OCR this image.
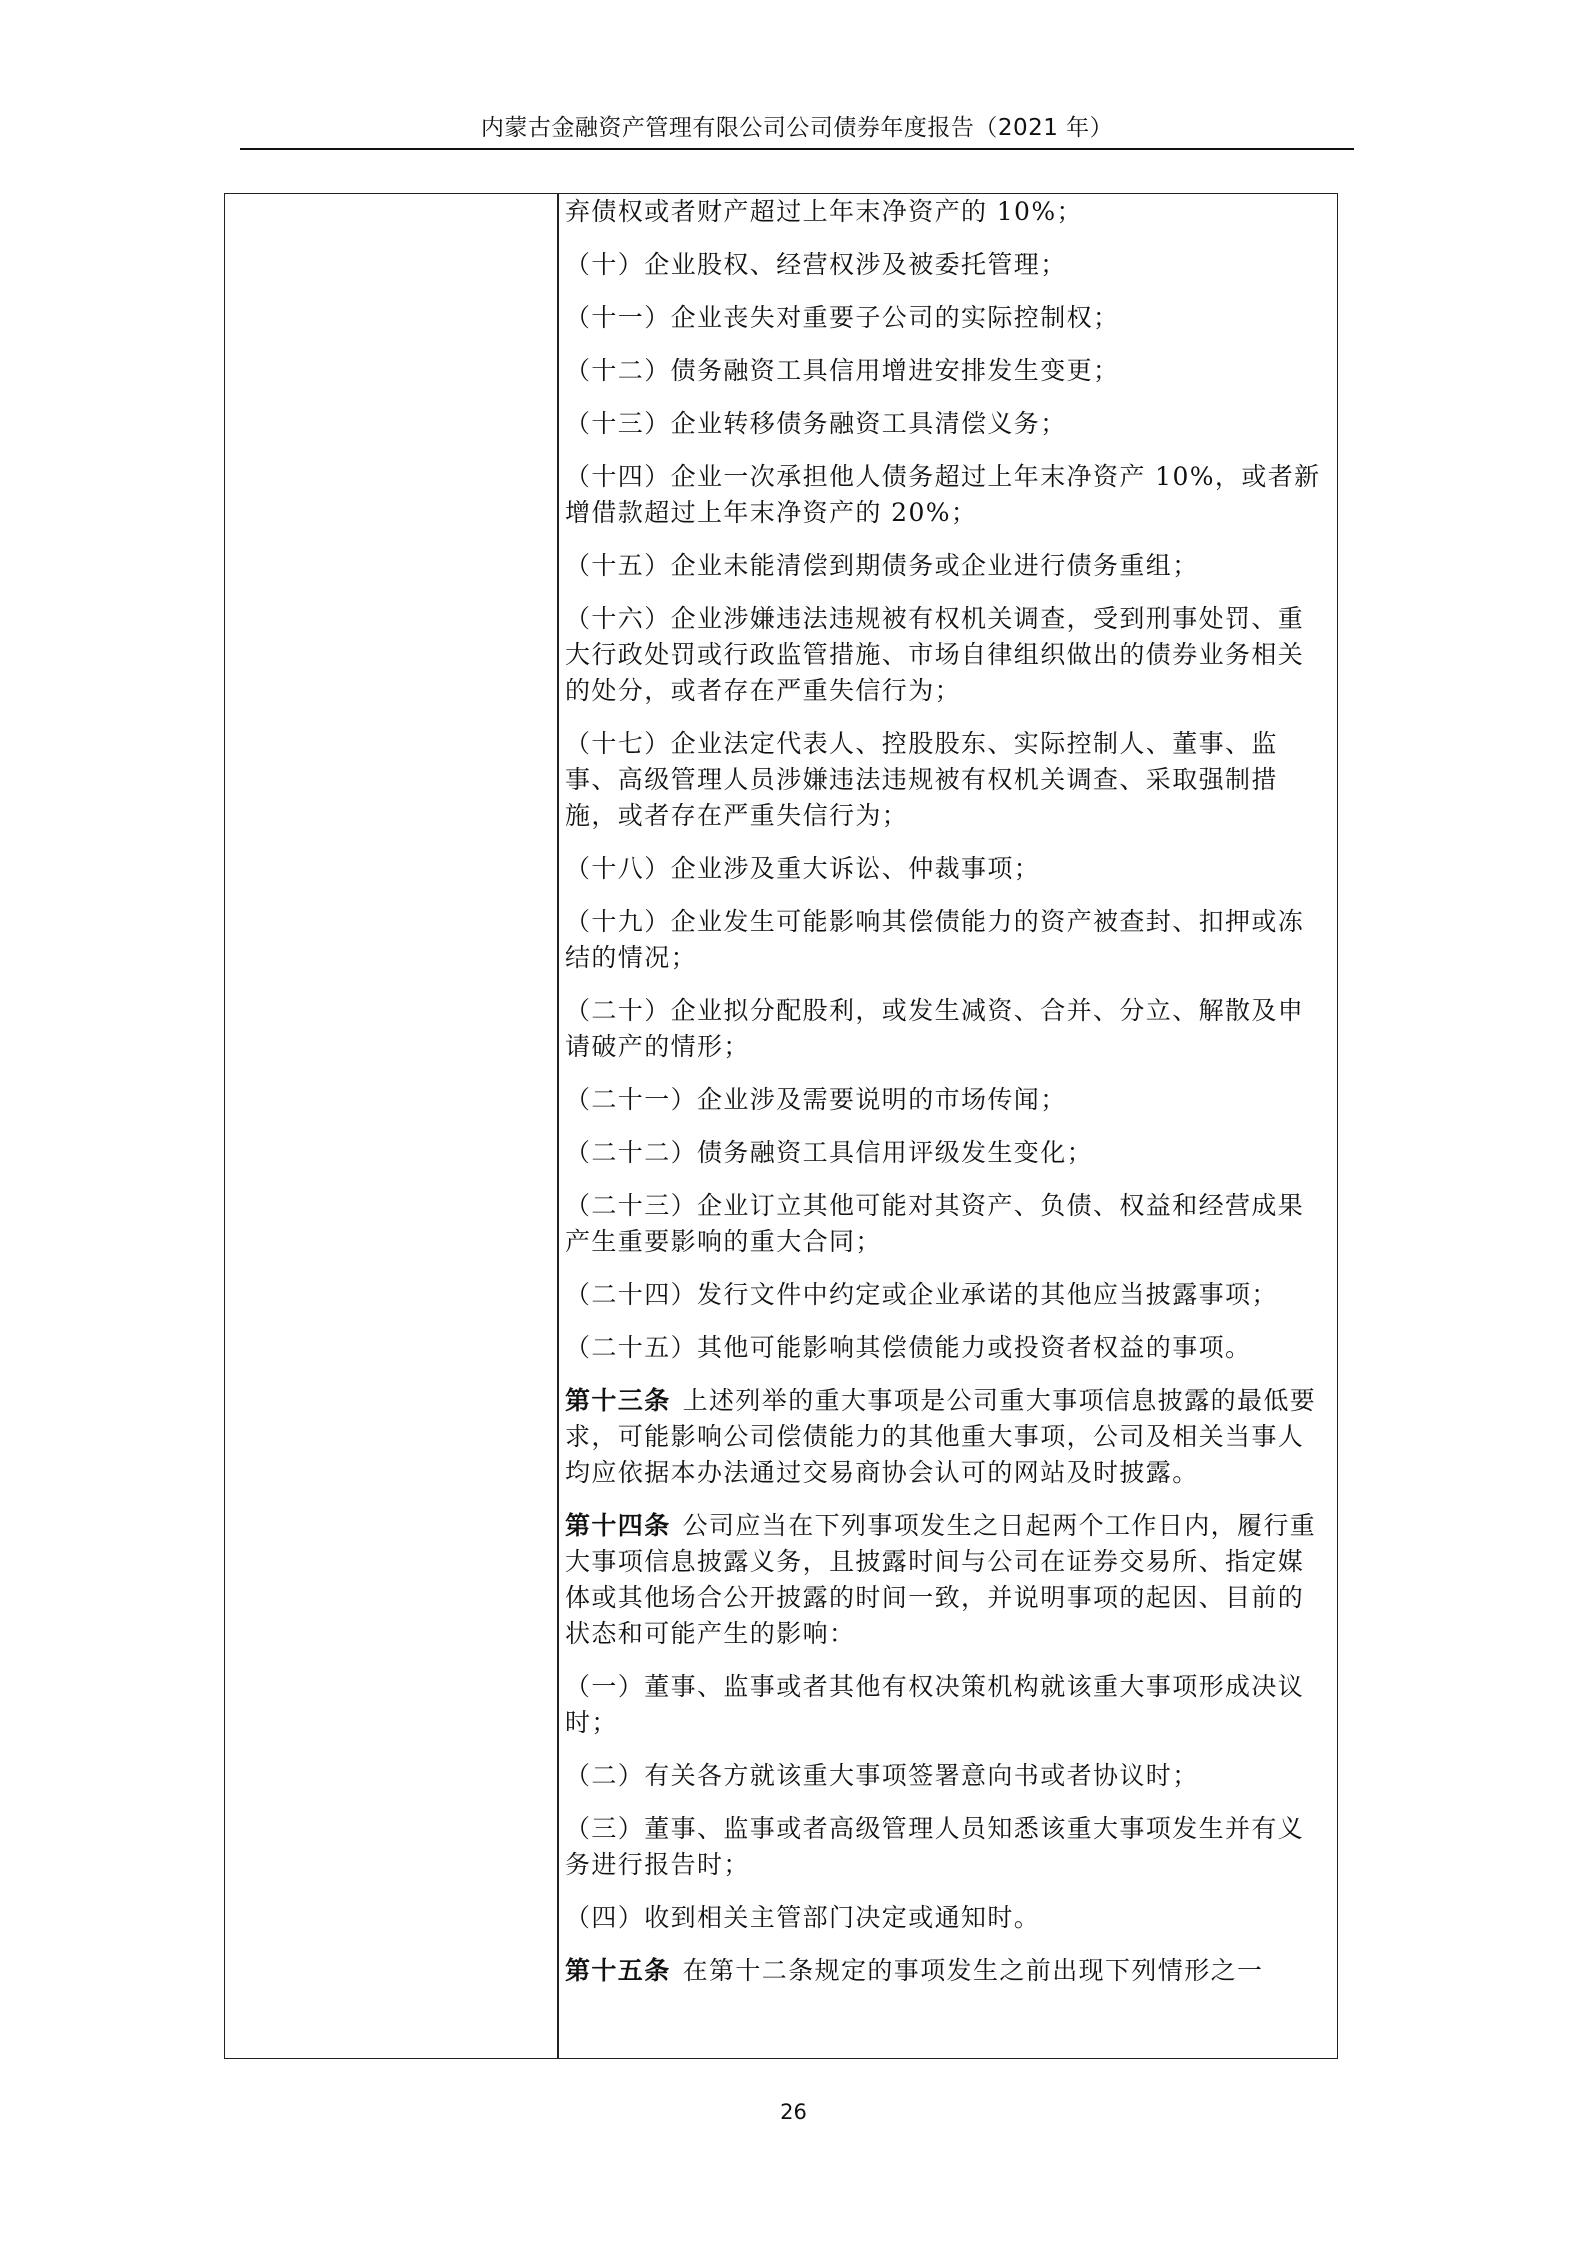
内蒙古金融资产管理有限公司公司债券年度报告（2021 年）

弃债权或者财产超过上年末净资产的 10%；

（十）企业股权、经营权涉及被委托管理；

（十一）企业丧失对重要子公司的实际控制权；

（十二）债务融资工具信用增进安排发生变更；

（十三）企业转移债务融资工具清偿义务；

（十四）企业一次承担他人债务超过上年末净资产 10%，或者新增借款超过上年末净资产的 20%；

（十五）企业未能清偿到期债务或企业进行债务重组；

（十六）企业涉嫌违法违规被有权机关调查，受到刑事处罚、重大行政处罚或行政监管措施、市场自律组织做出的债券业务相关的处分，或者存在严重失信行为；

（十七）企业法定代表人、控股股东、实际控制人、董事、监事、高级管理人员涉嫌违法违规被有权机关调查、采取强制措施，或者存在严重失信行为；

（十八）企业涉及重大诉讼、仲裁事项；

（十九）企业发生可能影响其偿债能力的资产被查封、扣押或冻结的情况；

（二十）企业拟分配股利，或发生减资、合并、分立、解散及申请破产的情形；

（二十一）企业涉及需要说明的市场传闻；

（二十二）债务融资工具信用评级发生变化；

（二十三）企业订立其他可能对其资产、负债、权益和经营成果产生重要影响的重大合同；

（二十四）发行文件中约定或企业承诺的其他应当披露事项；

（二十五）其他可能影响其偿债能力或投资者权益的事项。

第十三条 上述列举的重大事项是公司重大事项信息披露的最低要求，可能影响公司偿债能力的其他重大事项，公司及相关当事人均应依据本办法通过交易商协会认可的网站及时披露。

第十四条 公司应当在下列事项发生之日起两个工作日内，履行重大事项信息披露义务，且披露时间与公司在证券交易所、指定媒体或其他场合公开披露的时间一致，并说明事项的起因、目前的状态和可能产生的影响：

（一）董事、监事或者其他有权决策机构就该重大事项形成决议时；

（二）有关各方就该重大事项签署意向书或者协议时；

（三）董事、监事或者高级管理人员知悉该重大事项发生并有义务进行报告时；

（四）收到相关主管部门决定或通知时。

第十五条 在第十二条规定的事项发生之前出现下列情形之一

26
